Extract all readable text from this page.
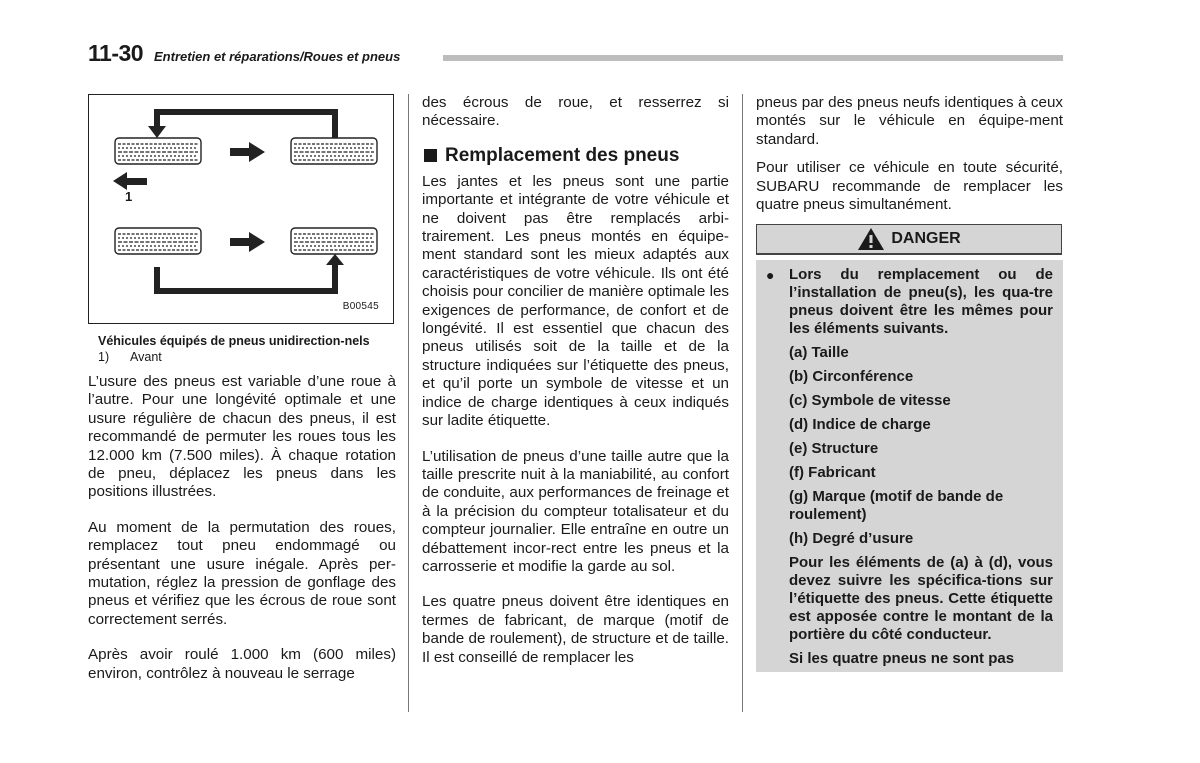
11-30 Entretien et réparations/Roues et pneus
1
B00545
Véhicules équipés de pneus unidirection-nels
1) Avant

L’usure des pneus est variable d’une roue à l’autre. Pour une longévité optimale et une usure régulière de chacun des pneus, il est recommandé de permuter les roues tous les 12.000 km (7.500 miles). À chaque rotation de pneu, déplacez les pneus dans les positions illustrées.

Au moment de la permutation des roues, remplacez tout pneu endommagé ou présentant une usure inégale. Après per-mutation, réglez la pression de gonflage des pneus et vérifiez que les écrous de roue sont correctement serrés.

Après avoir roulé 1.000 km (600 miles) environ, contrôlez à nouveau le serrage

des écrous de roue, et resserrez si nécessaire.

Remplacement des pneus

Les jantes et les pneus sont une partie importante et intégrante de votre véhicule et ne doivent pas être remplacés arbi-trairement. Les pneus montés en équipe-ment standard sont les mieux adaptés aux caractéristiques de votre véhicule. Ils ont été choisis pour concilier de manière optimale les exigences de performance, de confort et de longévité. Il est essentiel que chacun des pneus utilisés soit de la taille et de la structure indiquées sur l’étiquette des pneus, et qu’il porte un symbole de vitesse et un indice de charge identiques à ceux indiqués sur ladite étiquette.

L’utilisation de pneus d’une taille autre que la taille prescrite nuit à la maniabilité, au confort de conduite, aux performances de freinage et à la précision du compteur totalisateur et du compteur journalier. Elle entraîne en outre un débattement incor-rect entre les pneus et la carrosserie et modifie la garde au sol.

Les quatre pneus doivent être identiques en termes de fabricant, de marque (motif de bande de roulement), de structure et de taille. Il est conseillé de remplacer les

pneus par des pneus neufs identiques à ceux montés sur le véhicule en équipe-ment standard.

Pour utiliser ce véhicule en toute sécurité, SUBARU recommande de remplacer les quatre pneus simultanément.

DANGER
● Lors du remplacement ou de l’installation de pneu(s), les qua-tre pneus doivent être les mêmes pour les éléments suivants.
(a) Taille
(b) Circonférence
(c) Symbole de vitesse
(d) Indice de charge
(e) Structure
(f) Fabricant
(g) Marque (motif de bande de roulement)
(h) Degré d’usure
Pour les éléments de (a) à (d), vous devez suivre les spécifica-tions sur l’étiquette des pneus. Cette étiquette est apposée contre le montant de la portière du côté conducteur.
Si les quatre pneus ne sont pas
